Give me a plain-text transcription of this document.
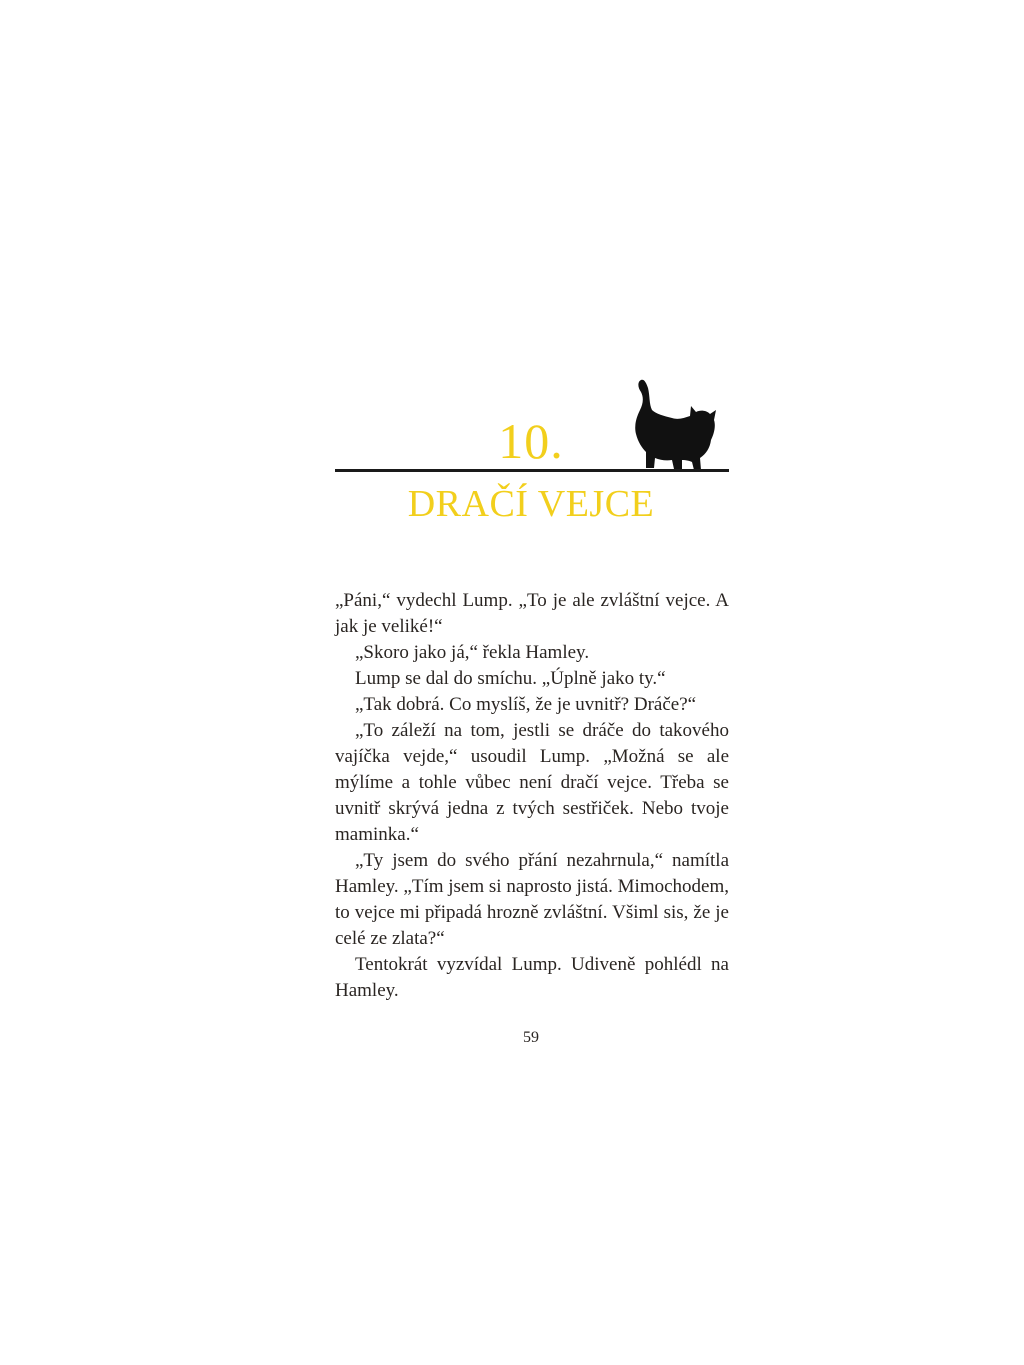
10.
DRAČÍ VEJCE

„Páni,“ vydechl Lump. „To je ale zvláštní vejce. A jak je veliké!“

„Skoro jako já,“ řekla Hamley.

Lump se dal do smíchu. „Úplně jako ty.“

„Tak dobrá. Co myslíš, že je uvnitř? Dráče?“

„To záleží na tom, jestli se dráče do takového vajíčka vejde,“ usoudil Lump. „Možná se ale mýlíme a tohle vůbec není dračí vejce. Třeba se uvnitř skrývá jedna z tvých sestřiček. Nebo tvoje maminka.“

„Ty jsem do svého přání nezahrnula,“ namítla Hamley. „Tím jsem si naprosto jistá. Mimochodem, to vejce mi připadá hrozně zvláštní. Všiml sis, že je celé ze zlata?“

Tentokrát vyzvídal Lump. Udiveně pohlédl na Hamley.

59
